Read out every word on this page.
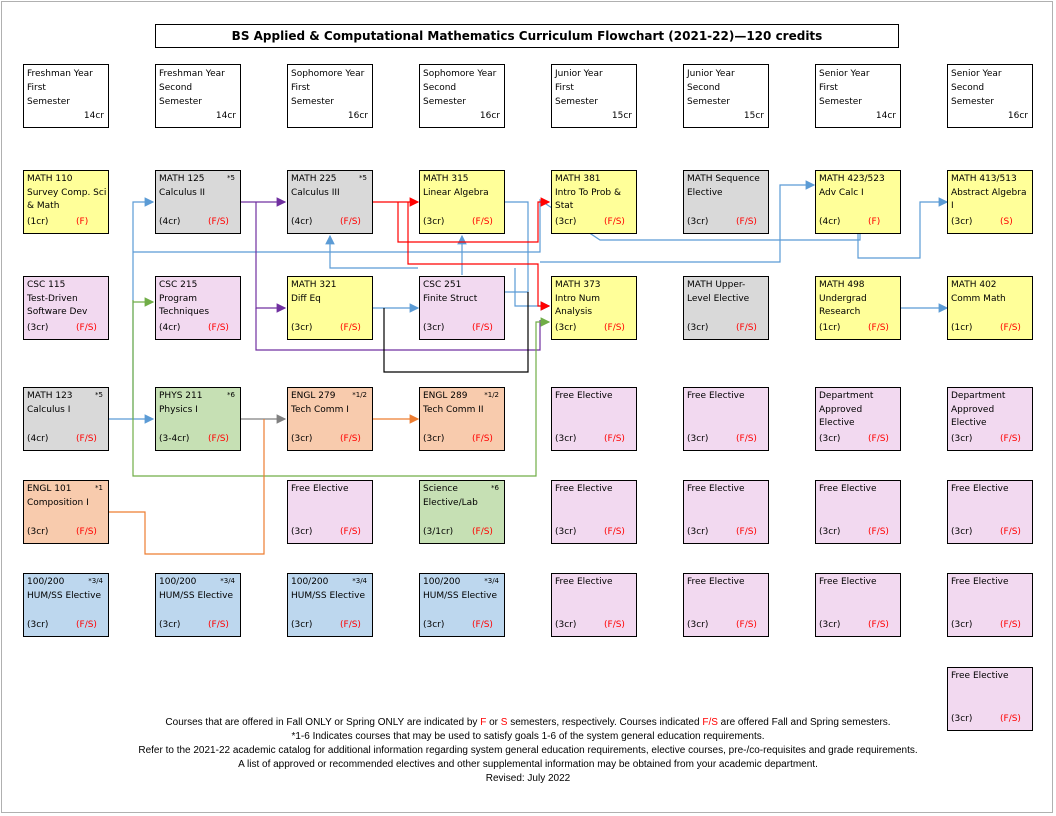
BS Applied & Computational Mathematics Curriculum Flowchart (2021-22)—120 credits
Freshman Year
First
Semester
14cr
Freshman Year
Second
Semester
14cr
Sophomore Year
First
Semester
16cr
Sophomore Year
Second
Semester
16cr
Junior Year
First
Semester
15cr
Junior Year
Second
Semester
15cr
Senior Year
First
Semester
14cr
Senior Year
Second
Semester
16cr
MATH 110
Survey Comp. Sci
& Math
(1cr)	(F)
MATH 125
Calculus II
*5
(4cr)	(F/S)
MATH 225
Calculus III
*5
(4cr)	(F/S)
MATH 315
Linear Algebra
(3cr)	(F/S)
MATH 381
Intro To Prob &
Stat
(3cr)	(F/S)
MATH Sequence
Elective
(3cr)	(F/S)
MATH 423/523
Adv Calc I
(4cr)	(F)
MATH 413/513
Abstract Algebra
I
(3cr)	(S)
CSC 115
Test-Driven
Software Dev
(3cr)	(F/S)
CSC 215
Program
Techniques
(4cr)	(F/S)
MATH 321
Diff Eq
(3cr)	(F/S)
CSC 251
Finite Struct
(3cr)	(F/S)
MATH 373
Intro Num
Analysis
(3cr)	(F/S)
MATH Upper-
Level Elective
(3cr)	(F/S)
MATH 498
Undergrad
Research
(1cr)	(F/S)
MATH 402
Comm Math
(1cr)	(F/S)
MATH 123
Calculus I
*5
(4cr)	(F/S)
PHYS 211
Physics I
*6
(3-4cr) (F/S)
ENGL 279
Tech Comm I
*1/2
(3cr)	(F/S)
ENGL 289
Tech Comm II
*1/2
(3cr)	(F/S)
Free Elective
(3cr)	(F/S)
Free Elective
(3cr)	(F/S)
Department
Approved
Elective
(3cr)	(F/S)
Department
Approved
Elective
(3cr)	(F/S)
ENGL 101
Composition I
*1
(3cr)	(F/S)
Free Elective
(3cr)	(F/S)
Science
Elective/Lab
*6
(3/1cr) (F/S)
Free Elective
(3cr)	(F/S)
Free Elective
(3cr)	(F/S)
Free Elective
(3cr)	(F/S)
Free Elective
(3cr)	(F/S)
100/200
HUM/SS Elective
*3/4
(3cr)	(F/S)
100/200
HUM/SS Elective
*3/4
(3cr)	(F/S)
100/200
HUM/SS Elective
*3/4
(3cr)	(F/S)
100/200
HUM/SS Elective
*3/4
(3cr)	(F/S)
Free Elective
(3cr)	(F/S)
Free Elective
(3cr)	(F/S)
Free Elective
(3cr)	(F/S)
Free Elective
(3cr)	(F/S)
Free Elective
(3cr)	(F/S)
Courses that are offered in Fall ONLY or Spring ONLY are indicated by F or S semesters, respectively. Courses indicated F/S are offered Fall and Spring semesters.
*1-6 Indicates courses that may be used to satisfy goals 1-6 of the system general education requirements.
Refer to the 2021-22 academic catalog for additional information regarding system general education requirements, elective courses, pre-/co-requisites and grade requirements.
A list of approved or recommended electives and other supplemental information may be obtained from your academic department.
Revised: July 2022
